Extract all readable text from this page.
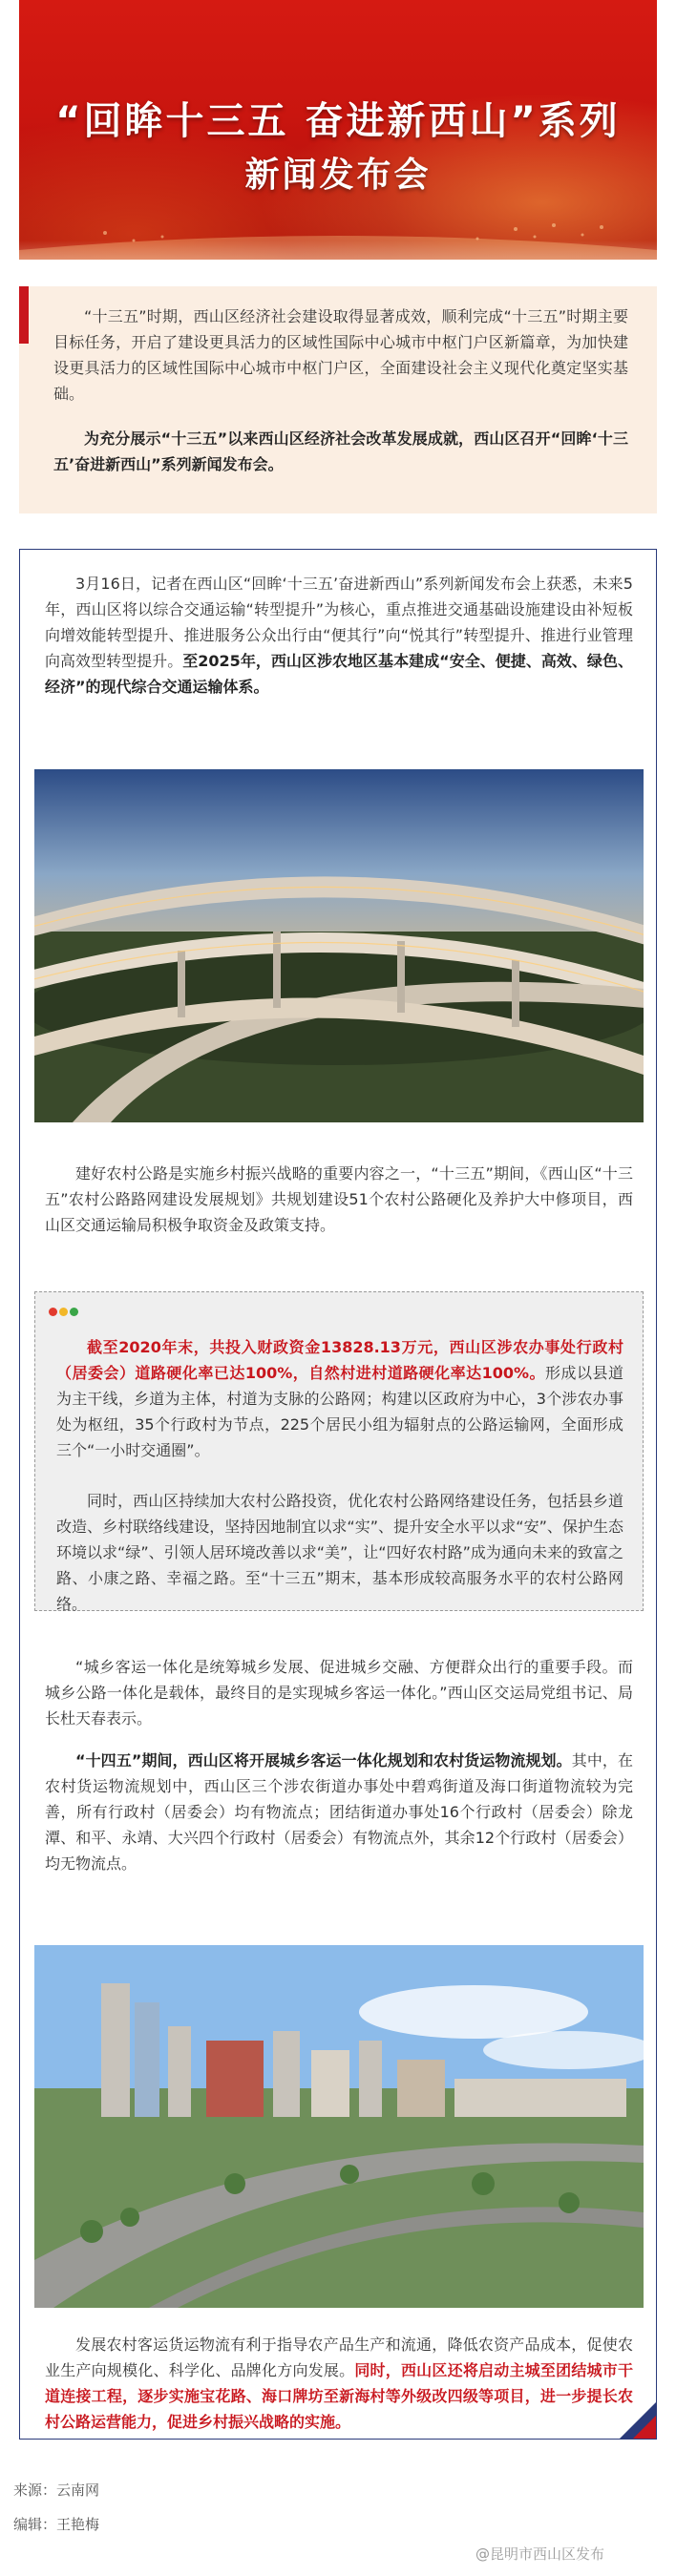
“回眸十三五 奋进新西山”系列
新闻发布会

“十三五”时期，西山区经济社会建设取得显著成效，顺利完成“十三五”时期主要目标任务，开启了建设更具活力的区域性国际中心城市中枢门户区新篇章，为加快建设更具活力的区域性国际中心城市中枢门户区，全面建设社会主义现代化奠定坚实基础。

为充分展示“十三五”以来西山区经济社会改革发展成就，西山区召开“回眸‘十三五’奋进新西山”系列新闻发布会。

3月16日，记者在西山区“回眸‘十三五’奋进新西山”系列新闻发布会上获悉，未来5年，西山区将以综合交通运输“转型提升”为核心，重点推进交通基础设施建设由补短板向增效能转型提升、推进服务公众出行由“便其行”向“悦其行”转型提升、推进行业管理向高效型转型提升。至2025年，西山区涉农地区基本建成“安全、便捷、高效、绿色、经济”的现代综合交通运输体系。

建好农村公路是实施乡村振兴战略的重要内容之一，“十三五”期间，《西山区“十三五”农村公路路网建设发展规划》共规划建设51个农村公路硬化及养护大中修项目，西山区交通运输局积极争取资金及政策支持。

截至2020年末，共投入财政资金13828.13万元，西山区涉农办事处行政村（居委会）道路硬化率已达100%，自然村进村道路硬化率达100%。形成以县道为主干线，乡道为主体，村道为支脉的公路网；构建以区政府为中心，3个涉农办事处为枢纽，35个行政村为节点，225个居民小组为辐射点的公路运输网，全面形成三个“一小时交通圈”。

同时，西山区持续加大农村公路投资，优化农村公路网络建设任务，包括县乡道改造、乡村联络线建设，坚持因地制宜以求“实”、提升安全水平以求“安”、保护生态环境以求“绿”、引领人居环境改善以求“美”，让“四好农村路”成为通向未来的致富之路、小康之路、幸福之路。至“十三五”期末，基本形成较高服务水平的农村公路网络。

“城乡客运一体化是统筹城乡发展、促进城乡交融、方便群众出行的重要手段。而城乡公路一体化是载体，最终目的是实现城乡客运一体化。”西山区交运局党组书记、局长杜天春表示。

“十四五”期间，西山区将开展城乡客运一体化规划和农村货运物流规划。其中，在农村货运物流规划中，西山区三个涉农街道办事处中碧鸡街道及海口街道物流较为完善，所有行政村（居委会）均有物流点；团结街道办事处16个行政村（居委会）除龙潭、和平、永靖、大兴四个行政村（居委会）有物流点外，其余12个行政村（居委会）均无物流点。

发展农村客运货运物流有利于指导农产品生产和流通，降低农资产品成本，促使农业生产向规模化、科学化、品牌化方向发展。同时，西山区还将启动主城至团结城市干道连接工程，逐步实施宝花路、海口牌坊至新海村等外级改四级等项目，进一步提长农村公路运营能力，促进乡村振兴战略的实施。

来源：云南网
编辑：王艳梅
@昆明市西山区发布
